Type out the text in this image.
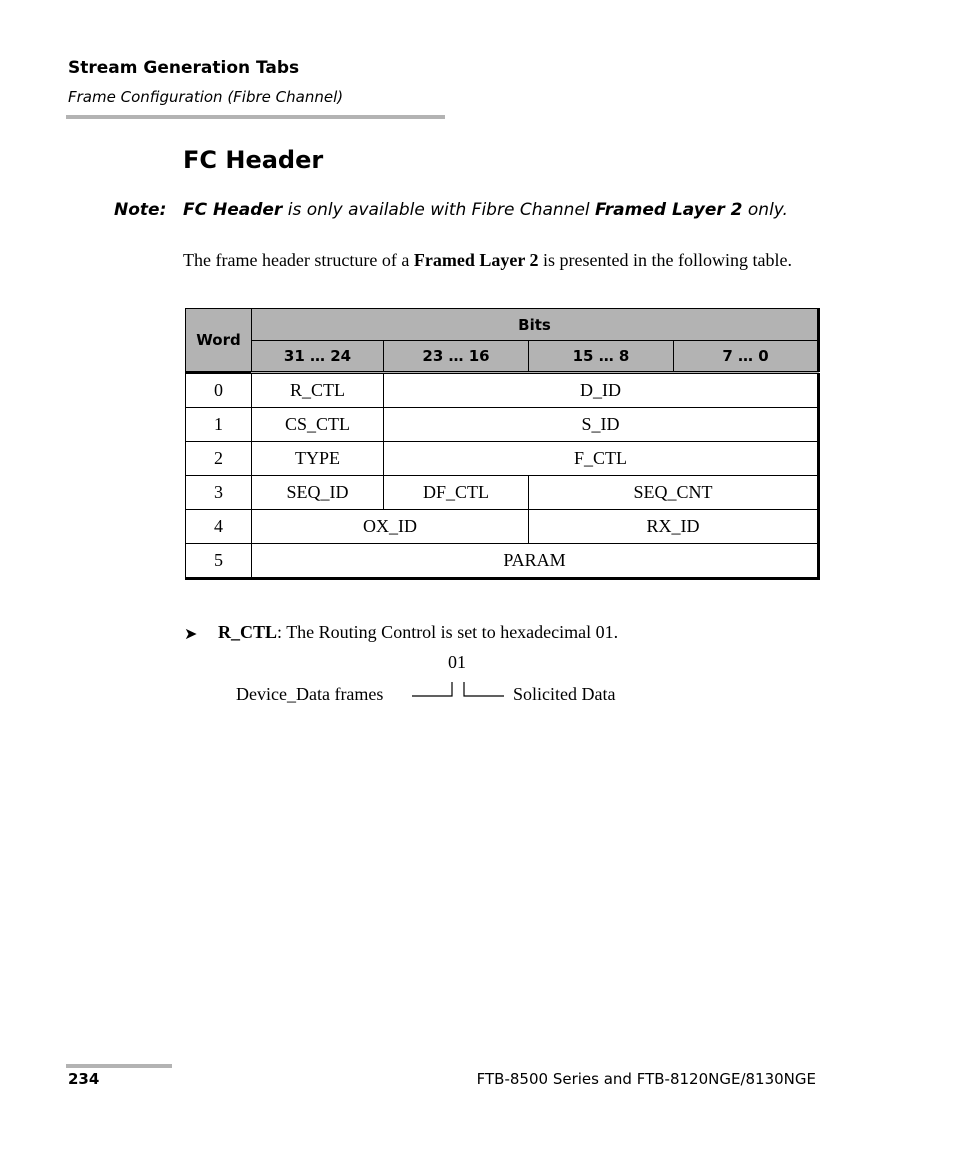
Stream Generation Tabs
Frame Configuration (Fibre Channel)
FC Header
Note: FC Header is only available with Fibre Channel Framed Layer 2 only.
The frame header structure of a Framed Layer 2 is presented in the following table.
Word	Bits			
	31 … 24	23 … 16	15 … 8	7 … 0
0	R_CTL	D_ID		
1	CS_CTL	S_ID		
2	TYPE	F_CTL		
3	SEQ_ID	DF_CTL	SEQ_CNT	
4	OX_ID		RX_ID	
5	PARAM			
➤ R_CTL: The Routing Control is set to hexadecimal 01.
01
Device_Data frames	Solicited Data
234	FTB-8500 Series and FTB-8120NGE/8130NGE
